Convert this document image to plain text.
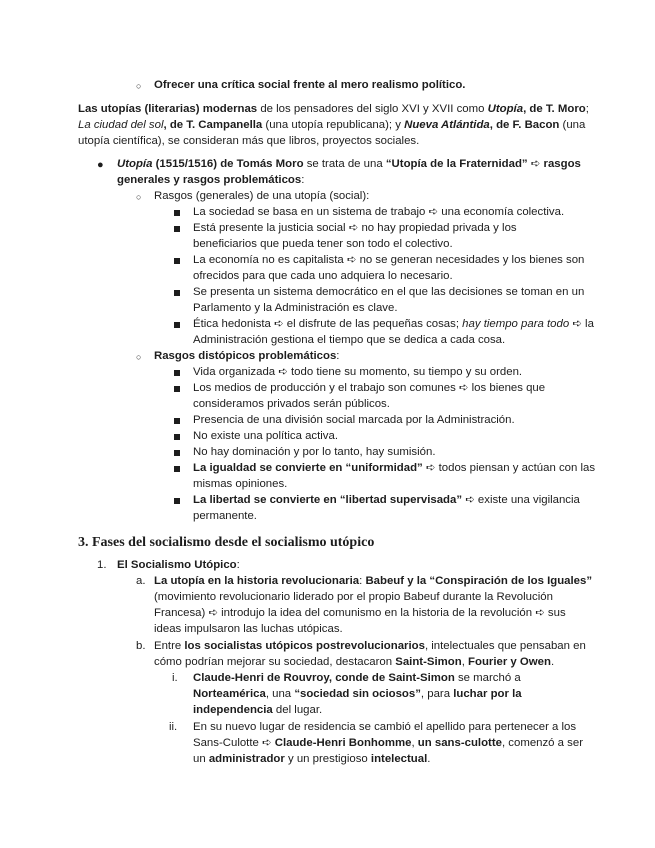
○ Ofrecer una crítica social frente al mero realismo político.
Las utopías (literarias) modernas de los pensadores del siglo XVI y XVII como Utopía, de T. Moro;
La ciudad del sol, de T. Campanella (una utopía republicana); y Nueva Atlántida, de F. Bacon (una
utopía científica), se consideran más que libros, proyectos sociales.
● Utopía (1515/1516) de Tomás Moro se trata de una “Utopía de la Fraternidad” ➪ rasgos
generales y rasgos problemáticos:
○ Rasgos (generales) de una utopía (social):
La sociedad se basa en un sistema de trabajo ➪ una economía colectiva.
Está presente la justicia social ➪ no hay propiedad privada y los
beneficiarios que pueda tener son todo el colectivo.
La economía no es capitalista ➪ no se generan necesidades y los bienes son
ofrecidos para que cada uno adquiera lo necesario.
Se presenta un sistema democrático en el que las decisiones se toman en un
Parlamento y la Administración es clave.
Ética hedonista ➪ el disfrute de las pequeñas cosas; hay tiempo para todo ➪ la
Administración gestiona el tiempo que se dedica a cada cosa.
○ Rasgos distópicos problemáticos:
Vida organizada ➪ todo tiene su momento, su tiempo y su orden.
Los medios de producción y el trabajo son comunes ➪ los bienes que
consideramos privados serán públicos.
Presencia de una división social marcada por la Administración.
No existe una política activa.
No hay dominación y por lo tanto, hay sumisión.
La igualdad se convierte en “uniformidad” ➪ todos piensan y actúan con las
mismas opiniones.
La libertad se convierte en “libertad supervisada” ➪ existe una vigilancia
permanente.
3. Fases del socialismo desde el socialismo utópico
1. El Socialismo Utópico:
a. La utopía en la historia revolucionaria: Babeuf y la “Conspiración de los Iguales”
(movimiento revolucionario liderado por el propio Babeuf durante la Revolución
Francesa) ➪ introdujo la idea del comunismo en la historia de la revolución ➪ sus
ideas impulsaron las luchas utópicas.
b. Entre los socialistas utópicos postrevolucionarios, intelectuales que pensaban en
cómo podrían mejorar su sociedad, destacaron Saint-Simon, Fourier y Owen.
i. Claude-Henri de Rouvroy, conde de Saint-Simon se marchó a
Norteamérica, una “sociedad sin ociosos”, para luchar por la
independencia del lugar.
ii. En su nuevo lugar de residencia se cambió el apellido para pertenecer a los
Sans-Culotte ➪ Claude-Henri Bonhomme, un sans-culotte, comenzó a ser
un administrador y un prestigioso intelectual.
